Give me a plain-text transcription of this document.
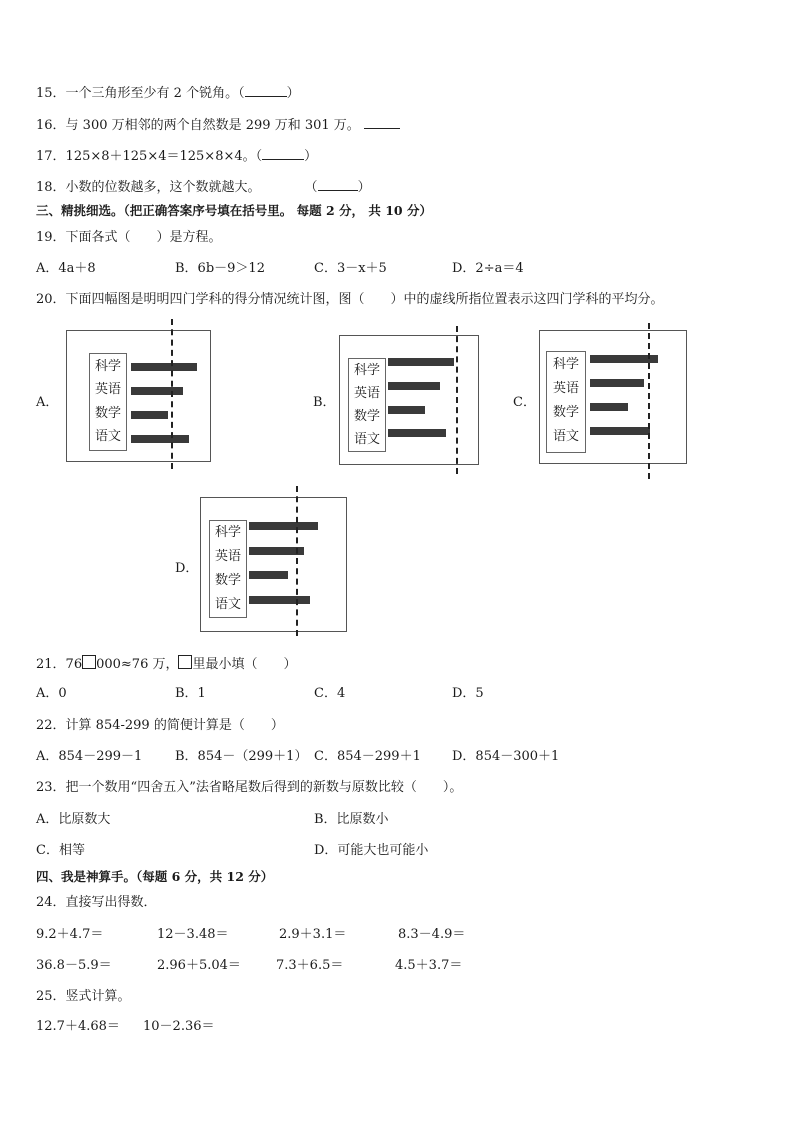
15．一个三角形至少有 2 个锐角。（	）
16．与 300 万相邻的两个自然数是 299 万和 301 万。
17．125×8＋125×4＝125×8×4。（	）
18．小数的位数越多，这个数就越大。	（	）
三、精挑细选。（把正确答案序号填在括号里。 每题 2 分， 共 10 分）
19．下面各式（　　）是方程。
A．4a＋8	B．6b－9＞12	C．3－x＋5	D．2÷a＝4
20．下面四幅图是明明四门学科的得分情况统计图，图（　　）中的虚线所指位置表示这四门学科的平均分。
A．
科学
英语
数学
语文
B．
科学
英语
数学
语文
C．
科学
英语
数学
语文
D．
科学
英语
数学
语文
21．76 000≈76 万， 里最小填（　　）
A．0	B．1	C．4	D．5
22．计算 854-299 的简便计算是（　　）
A．854－299－1	B．854－（299＋1） C．854－299＋1 D．854－300＋1
23．把一个数用“四舍五入”法省略尾数后得到的新数与原数比较（　　）。
A．比原数大	B．比原数小
C．相等	D．可能大也可能小
四、我是神算手。（每题 6 分，共 12 分）
24．直接写出得数．
9.2＋4.7＝	12－3.48＝	2.9＋3.1＝	8.3－4.9＝
36.8－5.9＝	2.96＋5.04＝	7.3＋6.5＝	4.5＋3.7＝
25．竖式计算。
12.7＋4.68＝ 10－2.36＝
